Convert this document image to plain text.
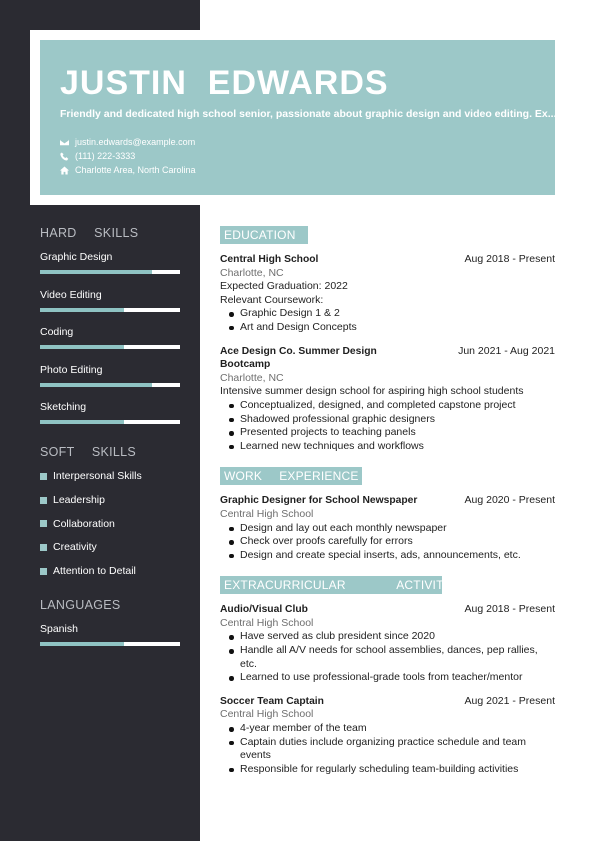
JUSTIN  EDWARDS
Friendly and dedicated high school senior, passionate about graphic design and video editing. Ex...
justin.edwards@example.com
(111) 222-3333
Charlotte Area, North Carolina
HARD  SKILLS
Graphic Design
Video Editing
Coding
Photo Editing
Sketching
SOFT  SKILLS
Interpersonal Skills
Leadership
Collaboration
Creativity
Attention to Detail
LANGUAGES
Spanish
EDUCATION
Central High School	Aug 2018 - Present
Charlotte, NC
Expected Graduation: 2022
Relevant Coursework:
Graphic Design 1 & 2
Art and Design Concepts
Ace Design Co. Summer Design Bootcamp
Jun 2021 - Aug 2021
Charlotte, NC
Intensive summer design school for aspiring high school students
Conceptualized, designed, and completed capstone project
Shadowed professional graphic designers
Presented projects to teaching panels
Learned new techniques and workflows
WORK  EXPERIENCE
Graphic Designer for School Newspaper	Aug 2020 - Present
Central High School
Design and lay out each monthly newspaper
Check over proofs carefully for errors
Design and create special inserts, ads, announcements, etc.
EXTRACURRICULAR      ACTIVITIES
Audio/Visual Club	Aug 2018 - Present
Central High School
Have served as club president since 2020
Handle all A/V needs for school assemblies, dances, pep rallies, etc.
Learned to use professional-grade tools from teacher/mentor
Soccer Team Captain	Aug 2021 - Present
Central High School
4-year member of the team
Captain duties include organizing practice schedule and team events
Responsible for regularly scheduling team-building activities
